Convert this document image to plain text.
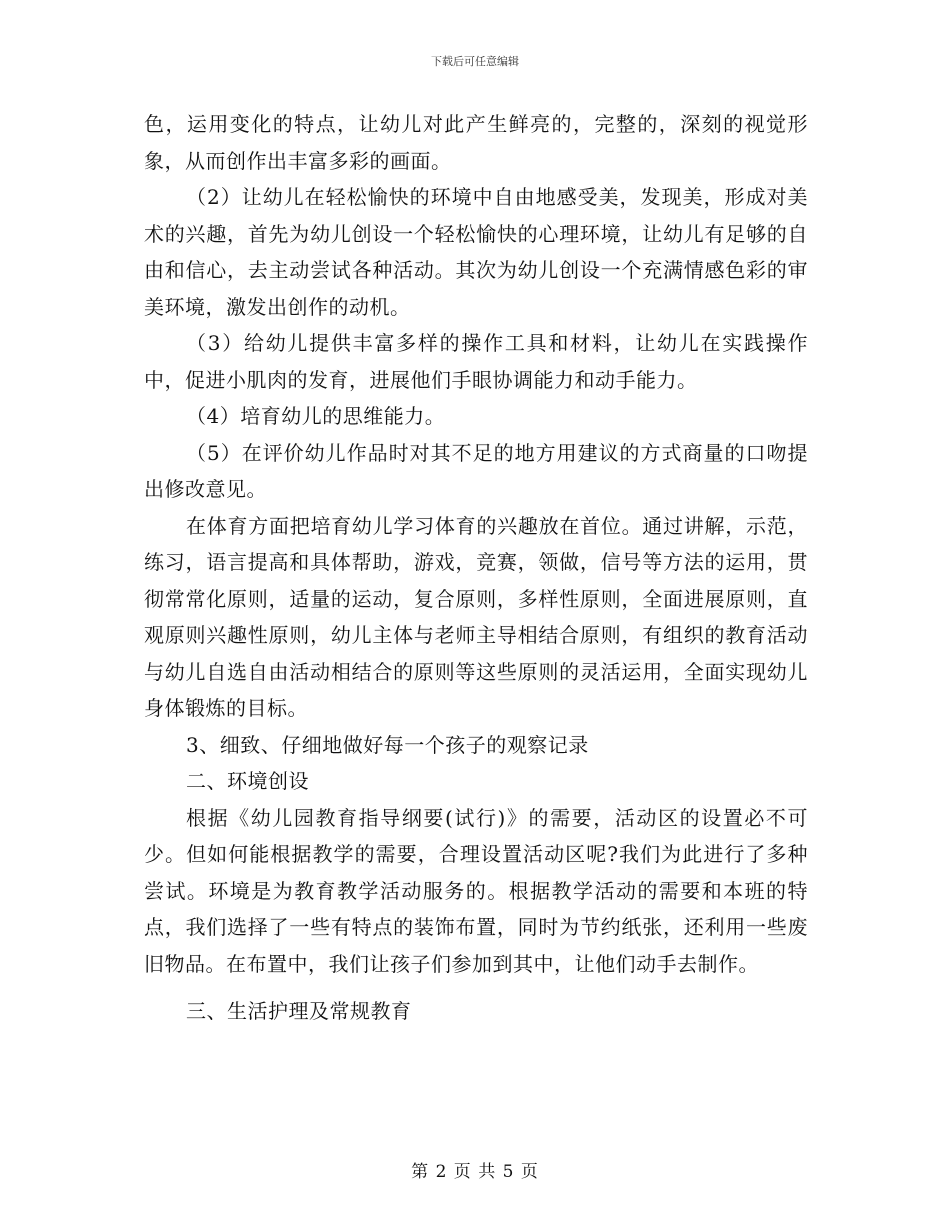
下载后可任意编辑

色，运用变化的特点，让幼儿对此产生鲜亮的，完整的，深刻的视觉形象，从而创作出丰富多彩的画面。

（2）让幼儿在轻松愉快的环境中自由地感受美，发现美，形成对美术的兴趣，首先为幼儿创设一个轻松愉快的心理环境，让幼儿有足够的自由和信心，去主动尝试各种活动。其次为幼儿创设一个充满情感色彩的审美环境，激发出创作的动机。

（3）给幼儿提供丰富多样的操作工具和材料，让幼儿在实践操作中，促进小肌肉的发育，进展他们手眼协调能力和动手能力。

（4）培育幼儿的思维能力。

（5）在评价幼儿作品时对其不足的地方用建议的方式商量的口吻提出修改意见。

在体育方面把培育幼儿学习体育的兴趣放在首位。通过讲解，示范，练习，语言提高和具体帮助，游戏，竞赛，领做，信号等方法的运用，贯彻常常化原则，适量的运动，复合原则，多样性原则，全面进展原则，直观原则兴趣性原则，幼儿主体与老师主导相结合原则，有组织的教育活动与幼儿自选自由活动相结合的原则等这些原则的灵活运用，全面实现幼儿身体锻炼的目标。

3、细致、仔细地做好每一个孩子的观察记录

二、环境创设

根据《幼儿园教育指导纲要(试行)》的需要，活动区的设置必不可少。但如何能根据教学的需要，合理设置活动区呢?我们为此进行了多种尝试。环境是为教育教学活动服务的。根据教学活动的需要和本班的特点，我们选择了一些有特点的装饰布置，同时为节约纸张，还利用一些废旧物品。在布置中，我们让孩子们参加到其中，让他们动手去制作。

三、生活护理及常规教育

第 2 页 共 5 页
